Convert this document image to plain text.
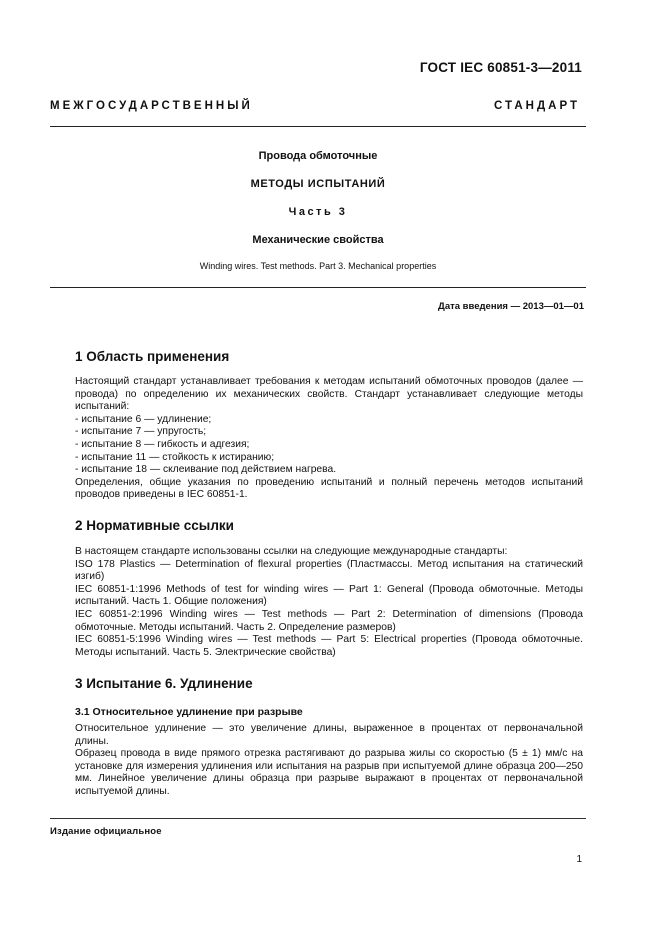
ГОСТ IEC 60851-3—2011
МЕЖГОСУДАРСТВЕННЫЙ СТАНДАРТ
Провода обмоточные
МЕТОДЫ ИСПЫТАНИЙ
Часть 3
Механические свойства
Winding wires. Test methods. Part 3. Mechanical properties
Дата введения — 2013—01—01
1 Область применения

Настоящий стандарт устанавливает требования к методам испытаний обмоточных проводов (далее — провода) по определению их механических свойств. Стандарт устанавливает следующие методы испытаний:

- испытание 6 — удлинение;
- испытание 7 — упругость;
- испытание 8 — гибкость и адгезия;
- испытание 11 — стойкость к истиранию;
- испытание 18 — склеивание под действием нагрева.

Определения, общие указания по проведению испытаний и полный перечень методов испытаний проводов приведены в IEC 60851-1.

2 Нормативные ссылки

В настоящем стандарте использованы ссылки на следующие международные стандарты:

ISO 178 Plastics — Determination of flexural properties (Пластмассы. Метод испытания на статический изгиб)

IEC 60851-1:1996 Methods of test for winding wires — Part 1: General (Провода обмоточные. Методы испытаний. Часть 1. Общие положения)

IEC 60851-2:1996 Winding wires — Test methods — Part 2: Determination of dimensions (Провода обмоточные. Методы испытаний. Часть 2. Определение размеров)

IEC 60851-5:1996 Winding wires — Test methods — Part 5: Electrical properties (Провода обмоточные. Методы испытаний. Часть 5. Электрические свойства)

3 Испытание 6. Удлинение
3.1 Относительное удлинение при разрыве

Относительное удлинение — это увеличение длины, выраженное в процентах от первоначальной длины.

Образец провода в виде прямого отрезка растягивают до разрыва жилы со скоростью (5 ± 1) мм/с на установке для измерения удлинения или испытания на разрыв при испытуемой длине образца 200—250 мм. Линейное увеличение длины образца при разрыве выражают в процентах от первоначальной испытуемой длины.

Издание официальное
1
